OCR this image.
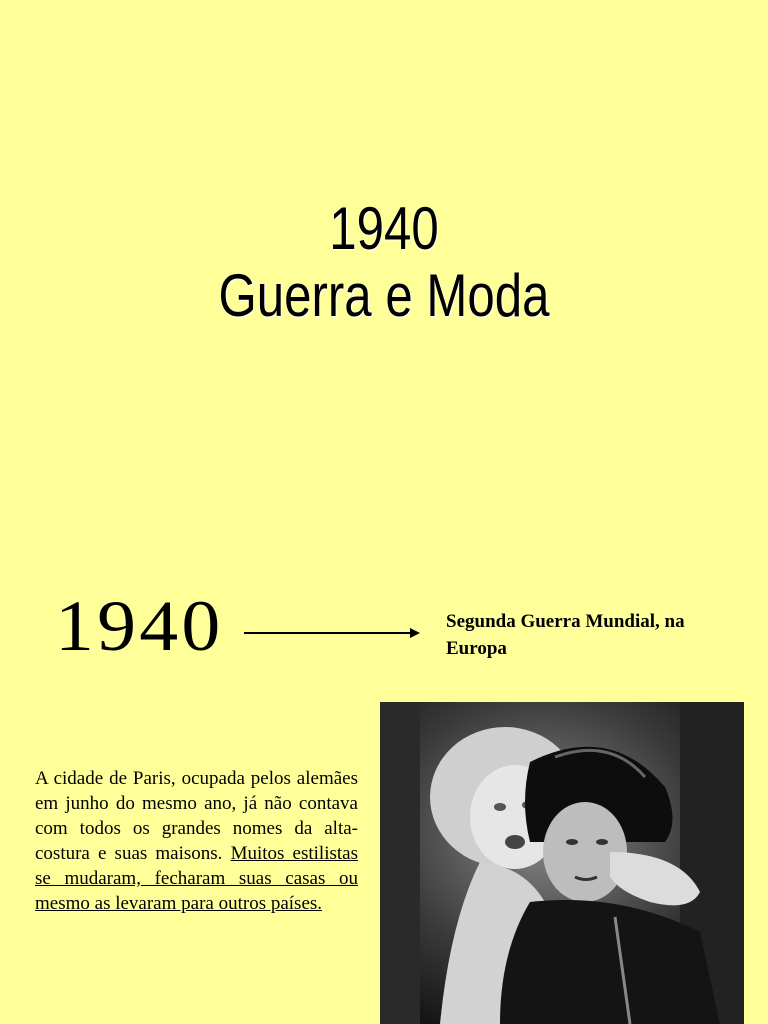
1940
Guerra e Moda
1940	Segunda Guerra Mundial, na Europa
A cidade de Paris, ocupada pelos alemães em junho do mesmo ano, já não contava com todos os grandes nomes da alta-costura e suas maisons. Muitos estilistas se mudaram, fecharam suas casas ou mesmo as levaram para outros países.
